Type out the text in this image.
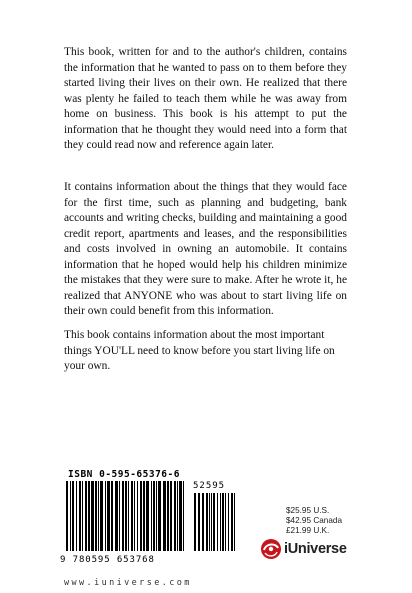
This book, written for and to the author's children, contains the information that he wanted to pass on to them before they started living their lives on their own. He realized that there was plenty he failed to teach them while he was away from home on business. This book is his attempt to put the information that he thought they would need into a form that they could read now and reference again later.
It contains information about the things that they would face for the first time, such as planning and budgeting, bank accounts and writing checks, building and maintaining a good credit report, apartments and leases, and the responsibilities and costs involved in owning an automobile. It contains information that he hoped would help his children minimize the mistakes that they were sure to make. After he wrote it, he realized that ANYONE who was about to start living life on their own could benefit from this information.
This book contains information about the most important things YOU'LL need to know before you start living life on your own.
ISBN 0-595-65376-6
52595
9 780595 653768
www.iuniverse.com
$25.95 U.S.
$42.95 Canada
£21.99 U.K.
iUniverse
